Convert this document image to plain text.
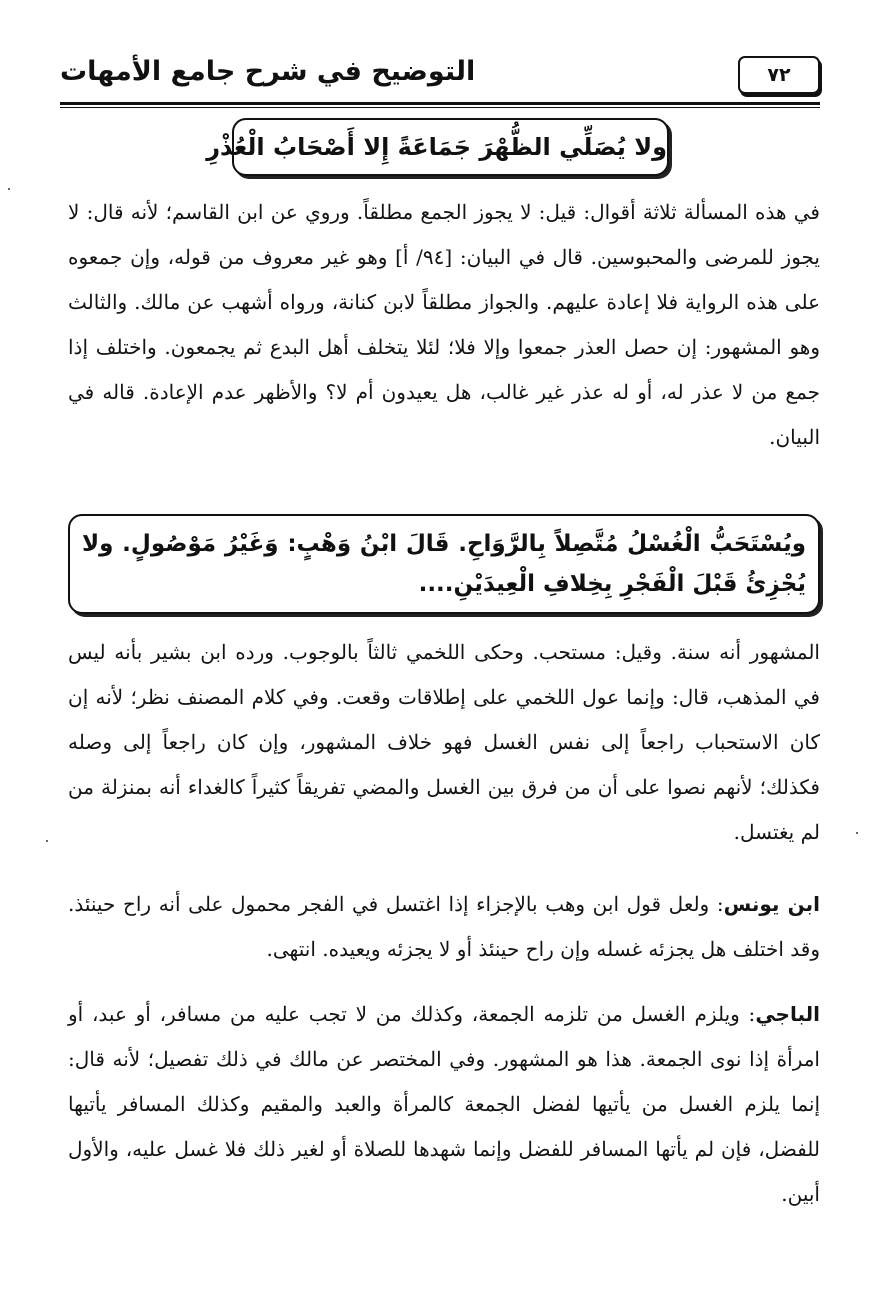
التوضيح في شرح جامع الأمهات	٧٢
ولا يُصَلِّي الظُّهْرَ جَمَاعَةً إِلا أَصْحَابُ الْعُذْرِ
في هذه المسألة ثلاثة أقوال: قيل: لا يجوز الجمع مطلقاً. وروي عن ابن القاسم؛ لأنه قال: لا يجوز للمرضى والمحبوسين. قال في البيان: [٩٤/ أ] وهو غير معروف من قوله، وإن جمعوه على هذه الرواية فلا إعادة عليهم. والجواز مطلقاً لابن كنانة، ورواه أشهب عن مالك. والثالث وهو المشهور: إن حصل العذر جمعوا وإلا فلا؛ لئلا يتخلف أهل البدع ثم يجمعون. واختلف إذا جمع من لا عذر له، أو له عذر غير غالب، هل يعيدون أم لا؟ والأظهر عدم الإعادة. قاله في البيان.
ويُسْتَحَبُّ الْغُسْلُ مُتَّصِلاً بِالرَّوَاحِ. قَالَ ابْنُ وَهْبٍ: وَغَيْرُ مَوْصُولٍ. ولا يُجْزِئُ قَبْلَ الْفَجْرِ بِخِلافِ الْعِيدَيْنِ....
المشهور أنه سنة. وقيل: مستحب. وحكى اللخمي ثالثاً بالوجوب. ورده ابن بشير بأنه ليس في المذهب، قال: وإنما عول اللخمي على إطلاقات وقعت. وفي كلام المصنف نظر؛ لأنه إن كان الاستحباب راجعاً إلى نفس الغسل فهو خلاف المشهور، وإن كان راجعاً إلى وصله فكذلك؛ لأنهم نصوا على أن من فرق بين الغسل والمضي تفريقاً كثيراً كالغداء أنه بمنزلة من لم يغتسل.
ابن يونس: ولعل قول ابن وهب بالإجزاء إذا اغتسل في الفجر محمول على أنه راح حينئذ. وقد اختلف هل يجزئه غسله وإن راح حينئذ أو لا يجزئه ويعيده. انتهى.
الباجي: ويلزم الغسل من تلزمه الجمعة، وكذلك من لا تجب عليه من مسافر، أو عبد، أو امرأة إذا نوى الجمعة. هذا هو المشهور. وفي المختصر عن مالك في ذلك تفصيل؛ لأنه قال: إنما يلزم الغسل من يأتيها لفضل الجمعة كالمرأة والعبد والمقيم وكذلك المسافر يأتيها للفضل، فإن لم يأتها المسافر للفضل وإنما شهدها للصلاة أو لغير ذلك فلا غسل عليه، والأول أبين.
